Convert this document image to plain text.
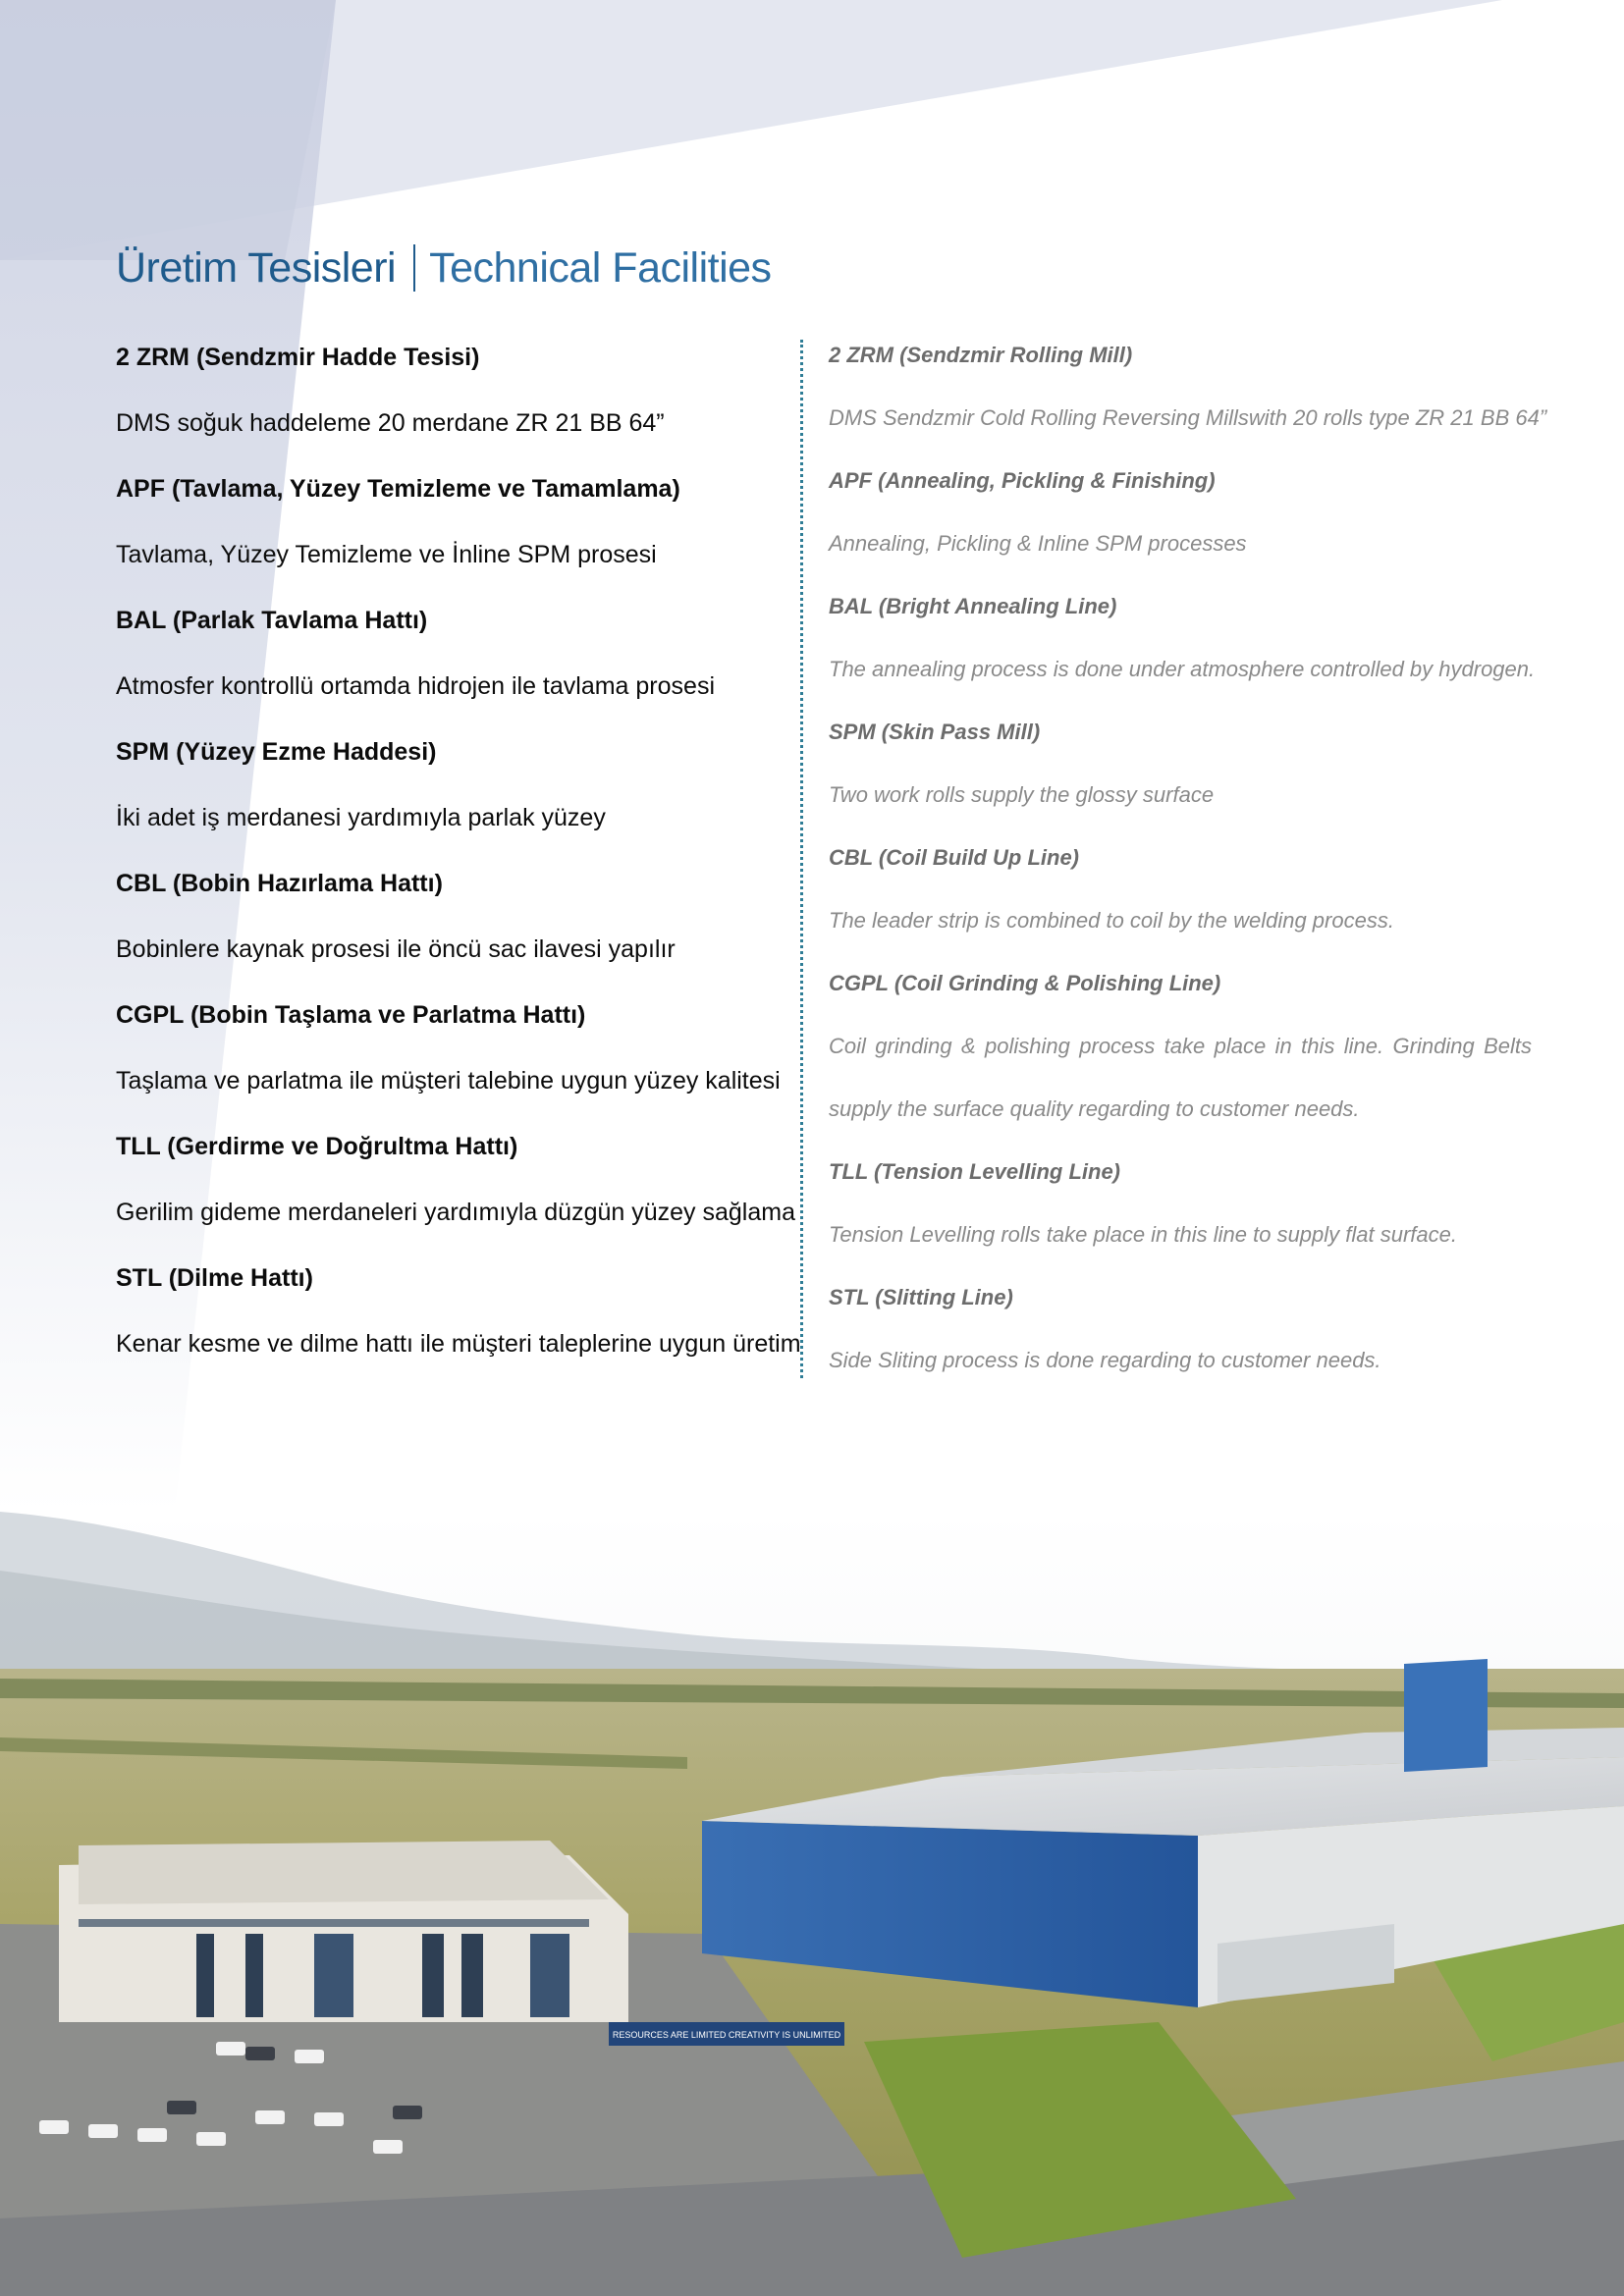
Üretim Tesisleri Technical Facilities
2 ZRM (Sendzmir Hadde Tesisi)
DMS soğuk haddeleme 20 merdane ZR 21 BB 64”
APF (Tavlama, Yüzey Temizleme ve Tamamlama)
Tavlama, Yüzey Temizleme ve İnline SPM prosesi
BAL (Parlak Tavlama Hattı)
Atmosfer kontrollü ortamda hidrojen ile tavlama prosesi
SPM (Yüzey Ezme Haddesi)
İki adet iş merdanesi yardımıyla parlak yüzey
CBL (Bobin Hazırlama Hattı)
Bobinlere kaynak prosesi ile öncü sac ilavesi yapılır
CGPL (Bobin Taşlama ve Parlatma Hattı)
Taşlama ve parlatma ile müşteri talebine uygun yüzey kalitesi
TLL (Gerdirme ve Doğrultma Hattı)
Gerilim gideme merdaneleri yardımıyla düzgün yüzey sağlama
STL (Dilme Hattı)
Kenar kesme ve dilme hattı ile müşteri taleplerine uygun üretim
2 ZRM (Sendzmir Rolling Mill)
DMS Sendzmir Cold Rolling Reversing Millswith 20 rolls type ZR 21 BB 64”
APF (Annealing, Pickling & Finishing)
Annealing, Pickling & Inline SPM processes
BAL (Bright Annealing Line)
The annealing process is done under atmosphere controlled by hydrogen.
SPM (Skin Pass Mill)
Two work rolls supply the glossy surface
CBL (Coil Build Up Line)
The leader strip is combined to coil by the welding process.
CGPL (Coil Grinding & Polishing Line)
Coil grinding & polishing process take place in this line. Grinding Belts
supply the surface quality regarding to customer needs.
TLL (Tension Levelling Line)
Tension Levelling rolls take place in this line to supply flat surface.
STL (Slitting Line)
Side Sliting process is done regarding to customer needs.
RESOURCES ARE LIMITED CREATIVITY IS UNLIMITED
